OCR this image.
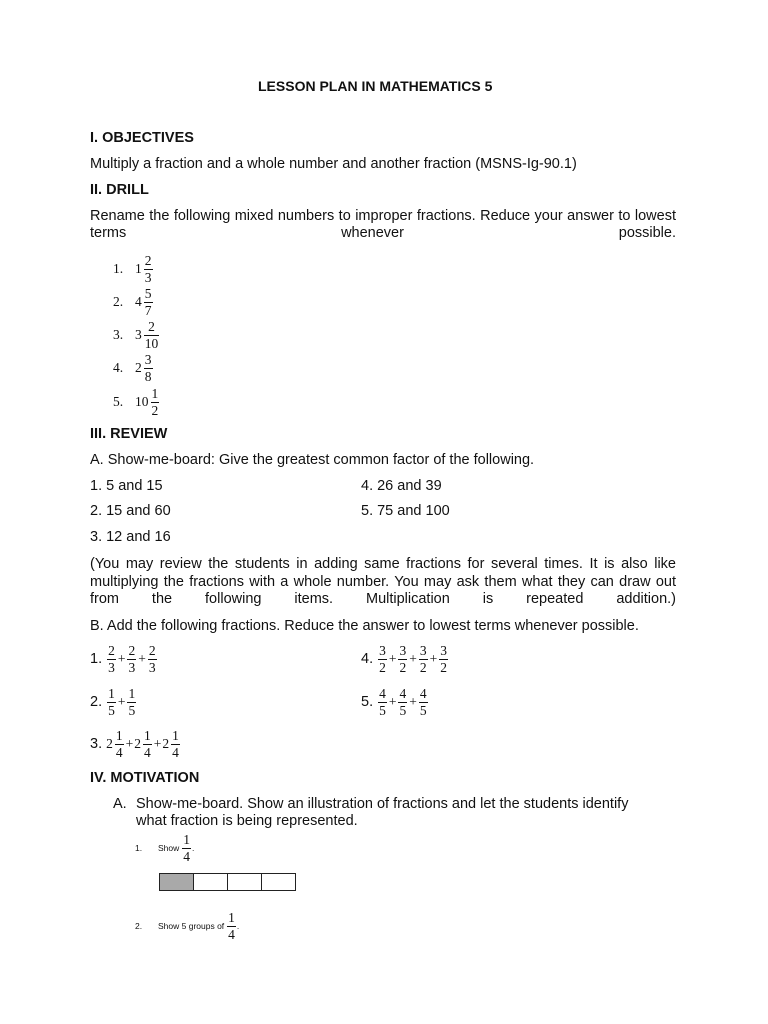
LESSON PLAN IN MATHEMATICS 5
I. OBJECTIVES
Multiply a fraction and a whole number and another fraction (MSNS-Ig-90.1)
II. DRILL
Rename the following mixed numbers to improper fractions. Reduce your answer to lowest terms whenever possible.
1. $1 \frac{2}{3}$
2. $4 \frac{5}{7}$
3. $3 \frac{2}{10}$
4. $2 \frac{3}{8}$
5. $10 \frac{1}{2}$
III. REVIEW
A. Show-me-board: Give the greatest common factor of the following.
1. 5 and 15
2. 15 and 60
3. 12 and 16
4. 26 and 39
5. 75 and 100
(You may review the students in adding same fractions for several times. It is also like multiplying the fractions with a whole number. You may ask them what they can draw out from the following items. Multiplication is repeated addition.)
B. Add the following fractions. Reduce the answer to lowest terms whenever possible.
1. $\frac{2}{3} + \frac{2}{3} + \frac{2}{3}$
2. $\frac{1}{5} + \frac{1}{5}$
3. $2 \frac{1}{4} + 2 \frac{1}{4} + 2 \frac{1}{4}$
4. $\frac{3}{2} + \frac{3}{2} + \frac{3}{2} + \frac{3}{2}$
5. $\frac{4}{5} + \frac{4}{5} + \frac{4}{5}$
IV. MOTIVATION
A. Show-me-board. Show an illustration of fractions and let the students identify what fraction is being represented.
1.	Show $\frac{1}{4}$ .
2.	Show 5 groups of $\frac{1}{4}$ .
